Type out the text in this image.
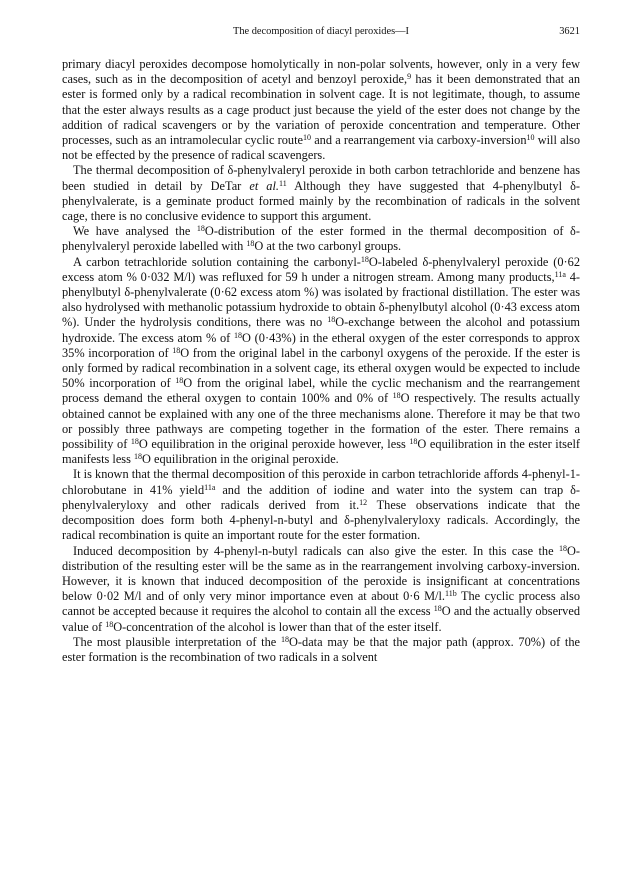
The decomposition of diacyl peroxides—I	3621

primary diacyl peroxides decompose homolytically in non-polar solvents, however, only in a very few cases, such as in the decomposition of acetyl and benzoyl peroxide,$^9$ has it been demonstrated that an ester is formed only by a radical recombination in solvent cage. It is not legitimate, though, to assume that the ester always results as a cage product just because the yield of the ester does not change by the addition of radical scavengers or by the variation of peroxide concentration and temperature. Other processes, such as an intramolecular cyclic route$^{10}$ and a rearrangement via carboxy-inversion$^{10}$ will also not be effected by the presence of radical scavengers.

The thermal decomposition of δ-phenylvaleryl peroxide in both carbon tetrachloride and benzene has been studied in detail by DeTar et al.$^{11}$ Although they have suggested that 4-phenylbutyl δ-phenylvalerate, is a geminate product formed mainly by the recombination of radicals in the solvent cage, there is no conclusive evidence to support this argument.

We have analysed the $^{18}$O-distribution of the ester formed in the thermal decomposition of δ-phenylvaleryl peroxide labelled with $^{18}$O at the two carbonyl groups.

A carbon tetrachloride solution containing the carbonyl-$^{18}$O-labeled δ-phenylvaleryl peroxide (0·62 excess atom % 0·032 M/l) was refluxed for 59 h under a nitrogen stream. Among many products,$^{11a}$ 4-phenylbutyl δ-phenylvalerate (0·62 excess atom %) was isolated by fractional distillation. The ester was also hydrolysed with methanolic potassium hydroxide to obtain δ-phenylbutyl alcohol (0·43 excess atom %). Under the hydrolysis conditions, there was no $^{18}$O-exchange between the alcohol and potassium hydroxide. The excess atom % of $^{18}$O (0·43%) in the etheral oxygen of the ester corresponds to approx 35% incorporation of $^{18}$O from the original label in the carbonyl oxygens of the peroxide. If the ester is only formed by radical recombination in a solvent cage, its etheral oxygen would be expected to include 50% incorporation of $^{18}$O from the original label, while the cyclic mechanism and the rearrangement process demand the etheral oxygen to contain 100% and 0% of $^{18}$O respectively. The results actually obtained cannot be explained with any one of the three mechanisms alone. Therefore it may be that two or possibly three pathways are competing together in the formation of the ester. There remains a possibility of $^{18}$O equilibration in the original peroxide however, less $^{18}$O equilibration in the ester itself manifests less $^{18}$O equilibration in the original peroxide.

It is known that the thermal decomposition of this peroxide in carbon tetrachloride affords 4-phenyl-1-chlorobutane in 41% yield$^{11a}$ and the addition of iodine and water into the system can trap δ-phenylvaleryloxy and other radicals derived from it.$^{12}$ These observations indicate that the decomposition does form both 4-phenyl-n-butyl and δ-phenylvaleryloxy radicals. Accordingly, the radical recombination is quite an important route for the ester formation.

Induced decomposition by 4-phenyl-n-butyl radicals can also give the ester. In this case the $^{18}$O-distribution of the resulting ester will be the same as in the rearrangement involving carboxy-inversion. However, it is known that induced decomposition of the peroxide is insignificant at concentrations below 0·02 M/l and of only very minor importance even at about 0·6 M/l.$^{11b}$ The cyclic process also cannot be accepted because it requires the alcohol to contain all the excess $^{18}$O and the actually observed value of $^{18}$O-concentration of the alcohol is lower than that of the ester itself.

The most plausible interpretation of the $^{18}$O-data may be that the major path (approx. 70%) of the ester formation is the recombination of two radicals in a solvent
